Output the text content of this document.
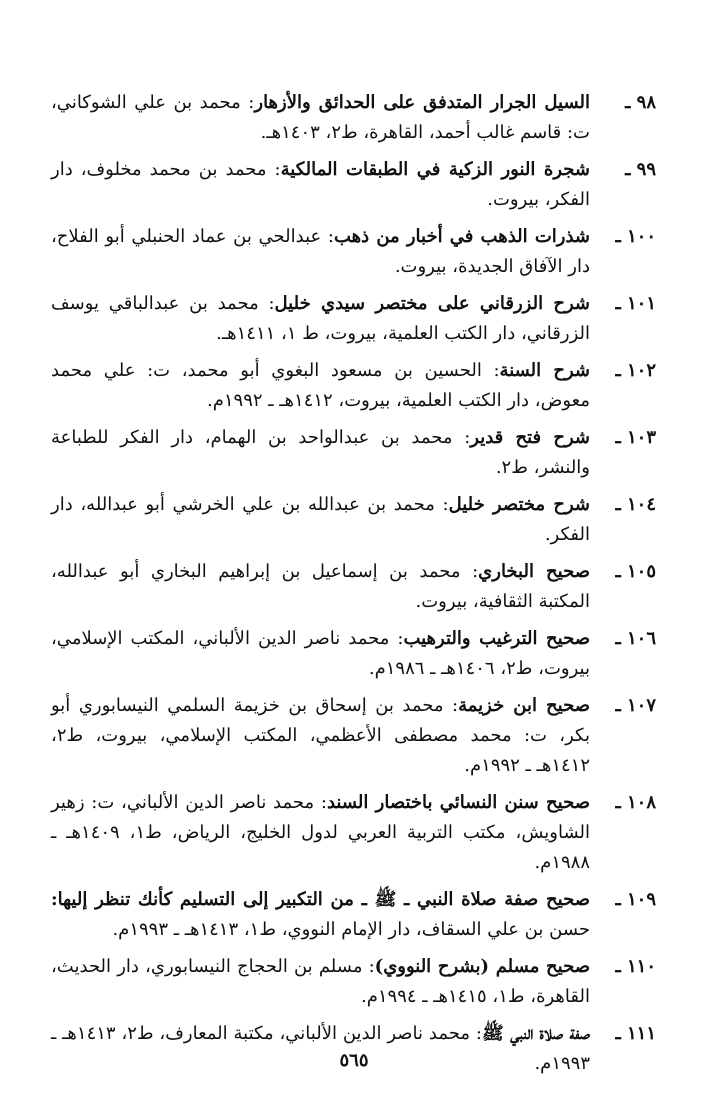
٩٨ ـ
السيل الجرار المتدفق على الحدائق والأزهار: محمد بن علي الشوكاني، ت: قاسم غالب أحمد، القاهرة، ط٢، ١٤٠٣هـ.
٩٩ ـ
شجرة النور الزكية في الطبقات المالكية: محمد بن محمد مخلوف، دار الفكر، بيروت.
١٠٠ ـ
شذرات الذهب في أخبار من ذهب: عبدالحي بن عماد الحنبلي أبو الفلاح، دار الآفاق الجديدة، بيروت.
١٠١ ـ
شرح الزرقاني على مختصر سيدي خليل: محمد بن عبدالباقي يوسف الزرقاني، دار الكتب العلمية، بيروت، ط ١، ١٤١١هـ.
١٠٢ ـ
شرح السنة: الحسين بن مسعود البغوي أبو محمد، ت: علي محمد معوض، دار الكتب العلمية، بيروت، ١٤١٢هـ ـ ١٩٩٢م.
١٠٣ ـ
شرح فتح قدير: محمد بن عبدالواحد بن الهمام، دار الفكر للطباعة والنشر، ط٢.
١٠٤ ـ
شرح مختصر خليل: محمد بن عبدالله بن علي الخرشي أبو عبدالله، دار الفكر.
١٠٥ ـ
صحيح البخاري: محمد بن إسماعيل بن إبراهيم البخاري أبو عبدالله، المكتبة الثقافية، بيروت.
١٠٦ ـ
صحيح الترغيب والترهيب: محمد ناصر الدين الألباني، المكتب الإسلامي، بيروت، ط٢، ١٤٠٦هـ ـ ١٩٨٦م.
١٠٧ ـ
صحيح ابن خزيمة: محمد بن إسحاق بن خزيمة السلمي النيسابوري أبو بكر، ت: محمد مصطفى الأعظمي، المكتب الإسلامي، بيروت، ط٢، ١٤١٢هـ ـ ١٩٩٢م.
١٠٨ ـ
صحيح سنن النسائي باختصار السند: محمد ناصر الدين الألباني، ت: زهير الشاويش، مكتب التربية العربي لدول الخليج، الرياض، ط١، ١٤٠٩هـ ـ ١٩٨٨م.
١٠٩ ـ
صحيح صفة صلاة النبي ـ ﷺ ـ من التكبير إلى التسليم كأنك تنظر إليها: حسن بن علي السقاف، دار الإمام النووي، ط١، ١٤١٣هـ ـ ١٩٩٣م.
١١٠ ـ
صحيح مسلم (بشرح النووي): مسلم بن الحجاج النيسابوري، دار الحديث، القاهرة، ط١، ١٤١٥هـ ـ ١٩٩٤م.
١١١ ـ
صفة صلاة النبي ﷺ: محمد ناصر الدين الألباني، مكتبة المعارف، ط٢، ١٤١٣هـ ـ ١٩٩٣م.
٥٦٥
